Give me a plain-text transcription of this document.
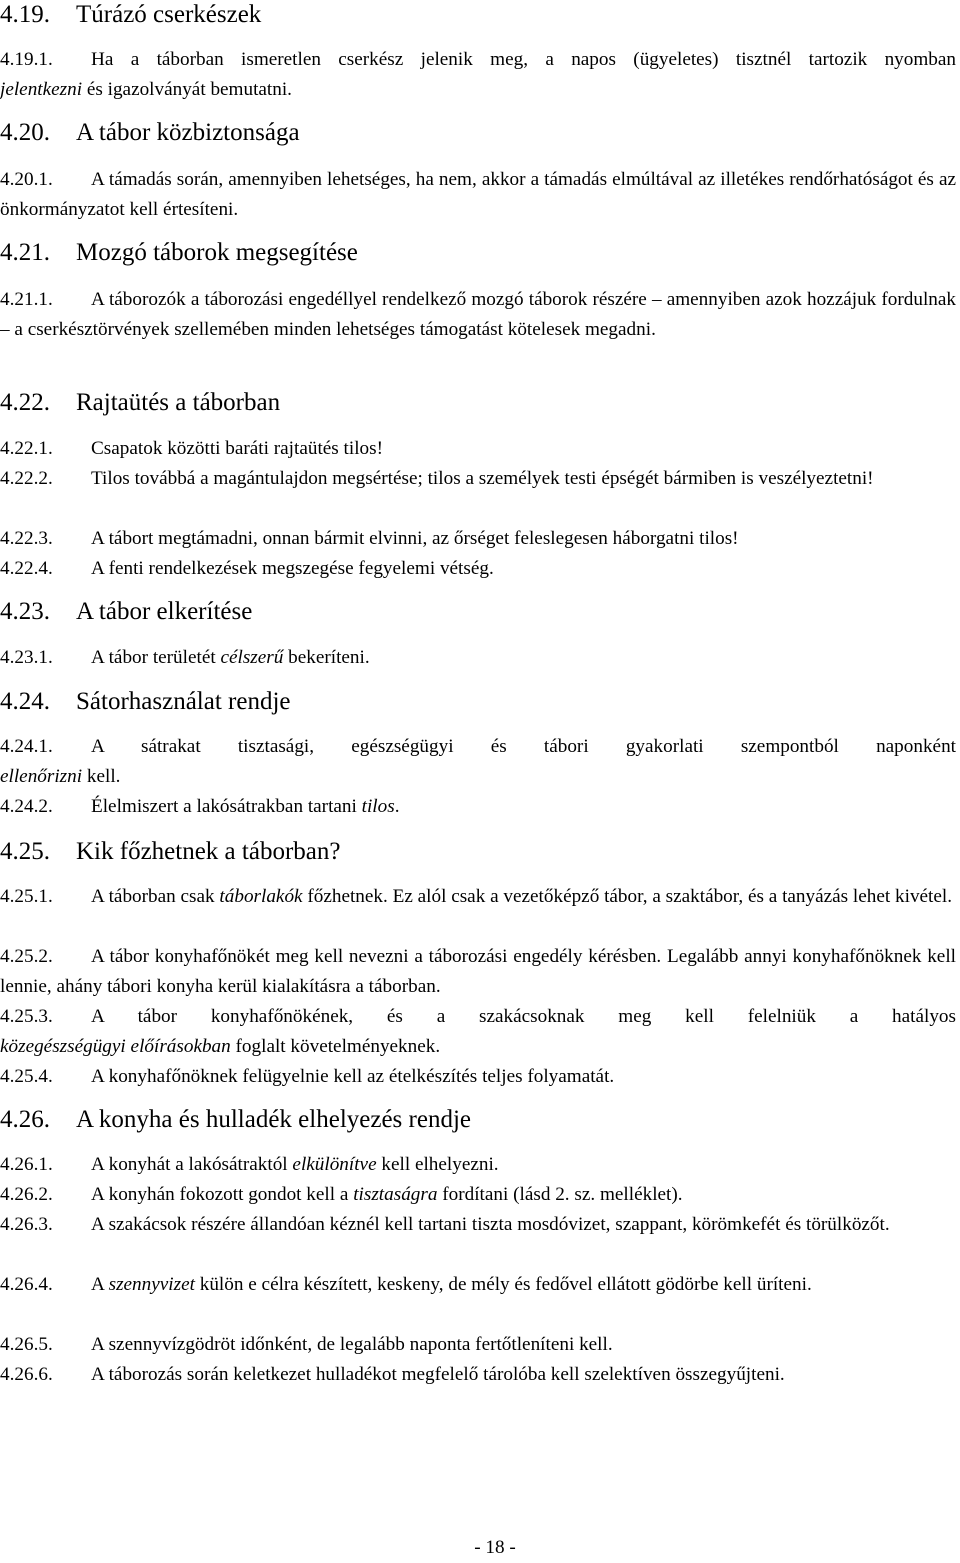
4.19. Túrázó cserkészek
4.19.1. Ha a táborban ismeretlen cserkész jelenik meg, a napos (ügyeletes) tisztnél tartozik nyomban
jelentkezni és igazolványát bemutatni.
4.20. A tábor közbiztonsága
4.20.1. A támadás során, amennyiben lehetséges, ha nem, akkor a támadás elmúltával az illetékes rendőrhatóságot és az önkormányzatot kell értesíteni.
4.21. Mozgó táborok megsegítése
4.21.1. A táborozók a táborozási engedéllyel rendelkező mozgó táborok részére – amennyiben azok hozzájuk fordulnak – a cserkésztörvények szellemében minden lehetséges támogatást kötelesek megadni.
4.22. Rajtaütés a táborban
4.22.1. Csapatok közötti baráti rajtaütés tilos!
4.22.2. Tilos továbbá a magántulajdon megsértése; tilos a személyek testi épségét bármiben is veszélyeztetni!
4.22.3. A tábort megtámadni, onnan bármit elvinni, az őrséget feleslegesen háborgatni tilos!
4.22.4. A fenti rendelkezések megszegése fegyelemi vétség.
4.23. A tábor elkerítése
4.23.1. A tábor területét célszerű bekeríteni.
4.24. Sátorhasználat rendje
4.24.1. A sátrakat tisztasági, egészségügyi és tábori gyakorlati szempontból naponként
ellenőrizni kell.
4.24.2. Élelmiszert a lakósátrakban tartani tilos.
4.25. Kik főzhetnek a táborban?
4.25.1. A táborban csak táborlakók főzhetnek. Ez alól csak a vezetőképző tábor, a szaktábor, és a tanyázás lehet kivétel.
4.25.2. A tábor konyhafőnökét meg kell nevezni a táborozási engedély kérésben. Legalább annyi konyhafőnöknek kell lennie, ahány tábori konyha kerül kialakításra a táborban.
4.25.3. A tábor konyhafőnökének, és a szakácsoknak meg kell felelniük a hatályos
közegészségügyi előírásokban foglalt követelményeknek.
4.25.4. A konyhafőnöknek felügyelnie kell az ételkészítés teljes folyamatát.
4.26. A konyha és hulladék elhelyezés rendje
4.26.1. A konyhát a lakósátraktól elkülönítve kell elhelyezni.
4.26.2. A konyhán fokozott gondot kell a tisztaságra fordítani (lásd 2. sz. melléklet).
4.26.3. A szakácsok részére állandóan kéznél kell tartani tiszta mosdóvizet, szappant, körömkefét és törülközőt.
4.26.4. A szennyvizet külön e célra készített, keskeny, de mély és fedővel ellátott gödörbe kell üríteni.
4.26.5. A szennyvízgödröt időnként, de legalább naponta fertőtleníteni kell.
4.26.6. A táborozás során keletkezet hulladékot megfelelő tárolóba kell szelektíven összegyűjteni.
- 18 -
